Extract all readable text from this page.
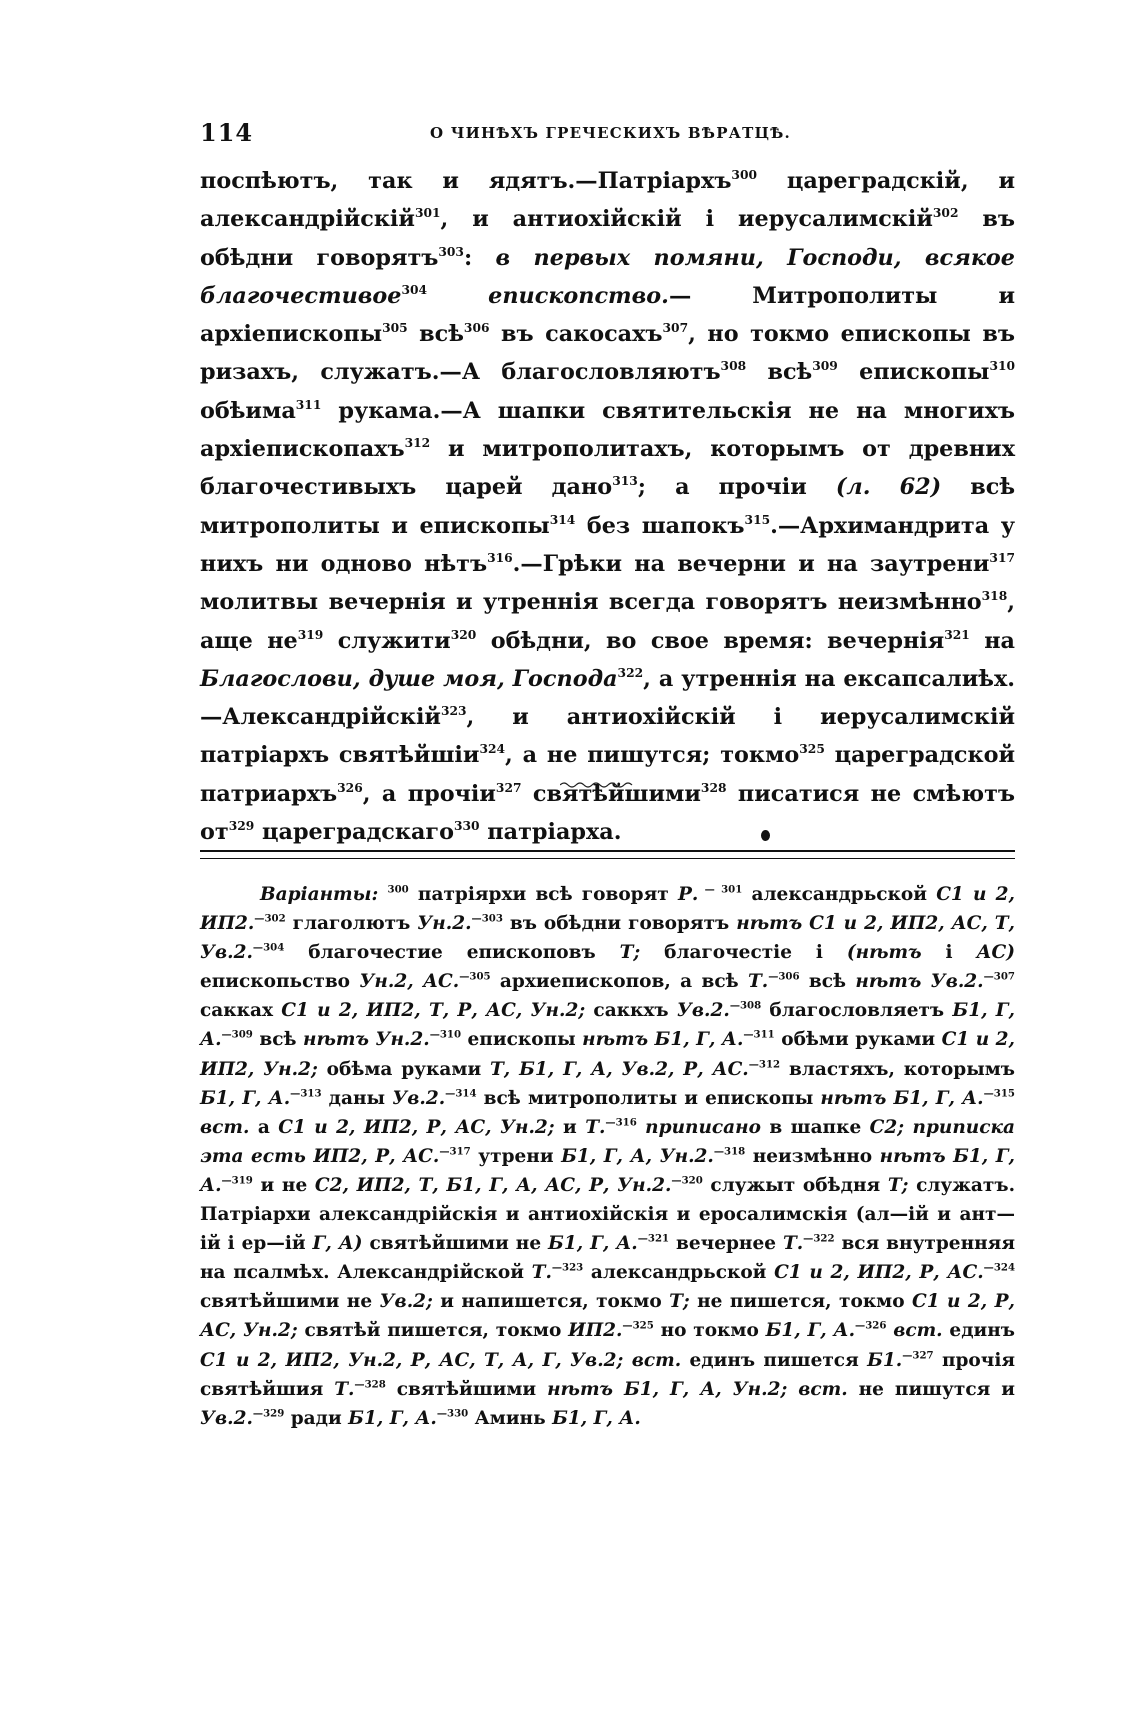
114	О ЧИНѢХЪ ГРЕЧЕСКИХЪ ВѢРАТЦѢ.

поспѣютъ, так и ядятъ.—Патріархъ$^{300}$ цареградскій, и александрійскій$^{301}$, и антиохійскій і иерусалимскій$^{302}$ въ обѣдни говорятъ$^{303}$: в первых помяни, Господи, всякое благочестивое$^{304}$ епископство.— Митрополиты и архіепископы$^{305}$ всѣ$^{306}$ въ сакосахъ$^{307}$, но токмо епископы въ ризахъ, служатъ.—А благословляютъ$^{308}$ всѣ$^{309}$ епископы$^{310}$ обѣима$^{311}$ рукама.—А шапки святительскія не на многихъ архіепископахъ$^{312}$ и митрополитахъ, которымъ от древних благочестивыхъ царей дано$^{313}$; а прочіи (л. 62) всѣ митрополиты и епископы$^{314}$ без шапокъ$^{315}$.—Архимандрита у нихъ ни одново нѣтъ$^{316}$.—Грѣки на вечерни и на заутрени$^{317}$ молитвы вечернія и утреннія всегда говорятъ неизмѣнно$^{318}$, аще $не^{319}$ служити$^{320}$ обѣдни, во свое время: вечернія$^{321}$ на Благослови, душе моя, Господа$^{322}$, а утреннія на ексапсалиѣх.—Александрійскій$^{323}$, и антиохійскій і иерусалимскій патріархъ святѣйшіи$^{324}$, а не пишутся; токмо$^{325}$ цареградской патриархъ$^{326}$, а прочіи$^{327}$ святѣйшими$^{328}$ писатися не смѣютъ $от^{329}$ цареградскаго$^{330}$ патріарха.

Варіанты: $^{300}$ патріярхи всѣ говорят Р. $^{— 301}$ александрьской С1 и 2, ИП2.$^{—302}$ глаголютъ Ун.2.$^{—303}$ въ обѣдни говорятъ нѣтъ С1 и 2, ИП2, АС, Т, Ув.2.$^{—304}$ благочестие епископовъ Т; благочестіе і (нѣтъ і АС) епископьство Ун.2, АС.$^{—305}$ архиепископов, а всѣ Т.$^{—306}$ всѣ нѣтъ Ув.2.$^{—307}$ сакках С1 и 2, ИП2, Т, Р, АС, Ун.2; саккхъ Ув.2.$^{—308}$ благословляетъ Б1, Г, А.$^{—309}$ всѣ нѣтъ Ун.2.$^{—310}$ епископы нѣтъ Б1, Г, А.$^{—311}$ обѣми руками С1 и 2, ИП2, Ун.2; обѣма руками Т, Б1, Г, А, Ув.2, Р, АС.$^{—312}$ властяхъ, которымъ Б1, Г, А.$^{—313}$ даны Ув.2.$^{—314}$ всѣ митрополиты и епископы нѣтъ Б1, Г, А.$^{—315}$ вст. а С1 и 2, ИП2, Р, АС, Ун.2; и Т.$^{—316}$ приписано в шапке С2; приписка эта есть ИП2, Р, АС.$^{—317}$ утрени Б1, Г, А, Ун.2.$^{—318}$ неизмѣнно нѣтъ Б1, Г, А.$^{—319}$ и не С2, ИП2, Т, Б1, Г, А, АС, Р, Ун.2.$^{—320}$ служыт обѣдня Т; служатъ. Патріархи александрійскія и антиохійскія и еросалимскія (ал—ій и ант—ій і ер—ій Г, А) святѣйшими не Б1, Г, А.$^{—321}$ вечернее Т.$^{—322}$ вся внутренняя на псалмѣх. Александрійской Т.$^{—323}$ александрьской С1 и 2, ИП2, Р, АС.$^{—324}$ святѣйшими не Ув.2; и напишется, токмо Т; не пишется, токмо С1 и 2, Р, АС, Ун.2; святѣй пишется, токмо ИП2.$^{—325}$ но токмо Б1, Г, А.$^{—326}$ вст. единъ С1 и 2, ИП2, Ун.2, Р, АС, Т, А, Г, Ув.2; вст. единъ пишется Б1.$^{—327}$ прочія святѣйшия Т.$^{—328}$ святѣйшими нѣтъ Б1, Г, А, Ун.2; вст. не пишутся и Ув.2.$^{—329}$ ради Б1, Г, А.$^{—330}$ Аминь Б1, Г, А.
